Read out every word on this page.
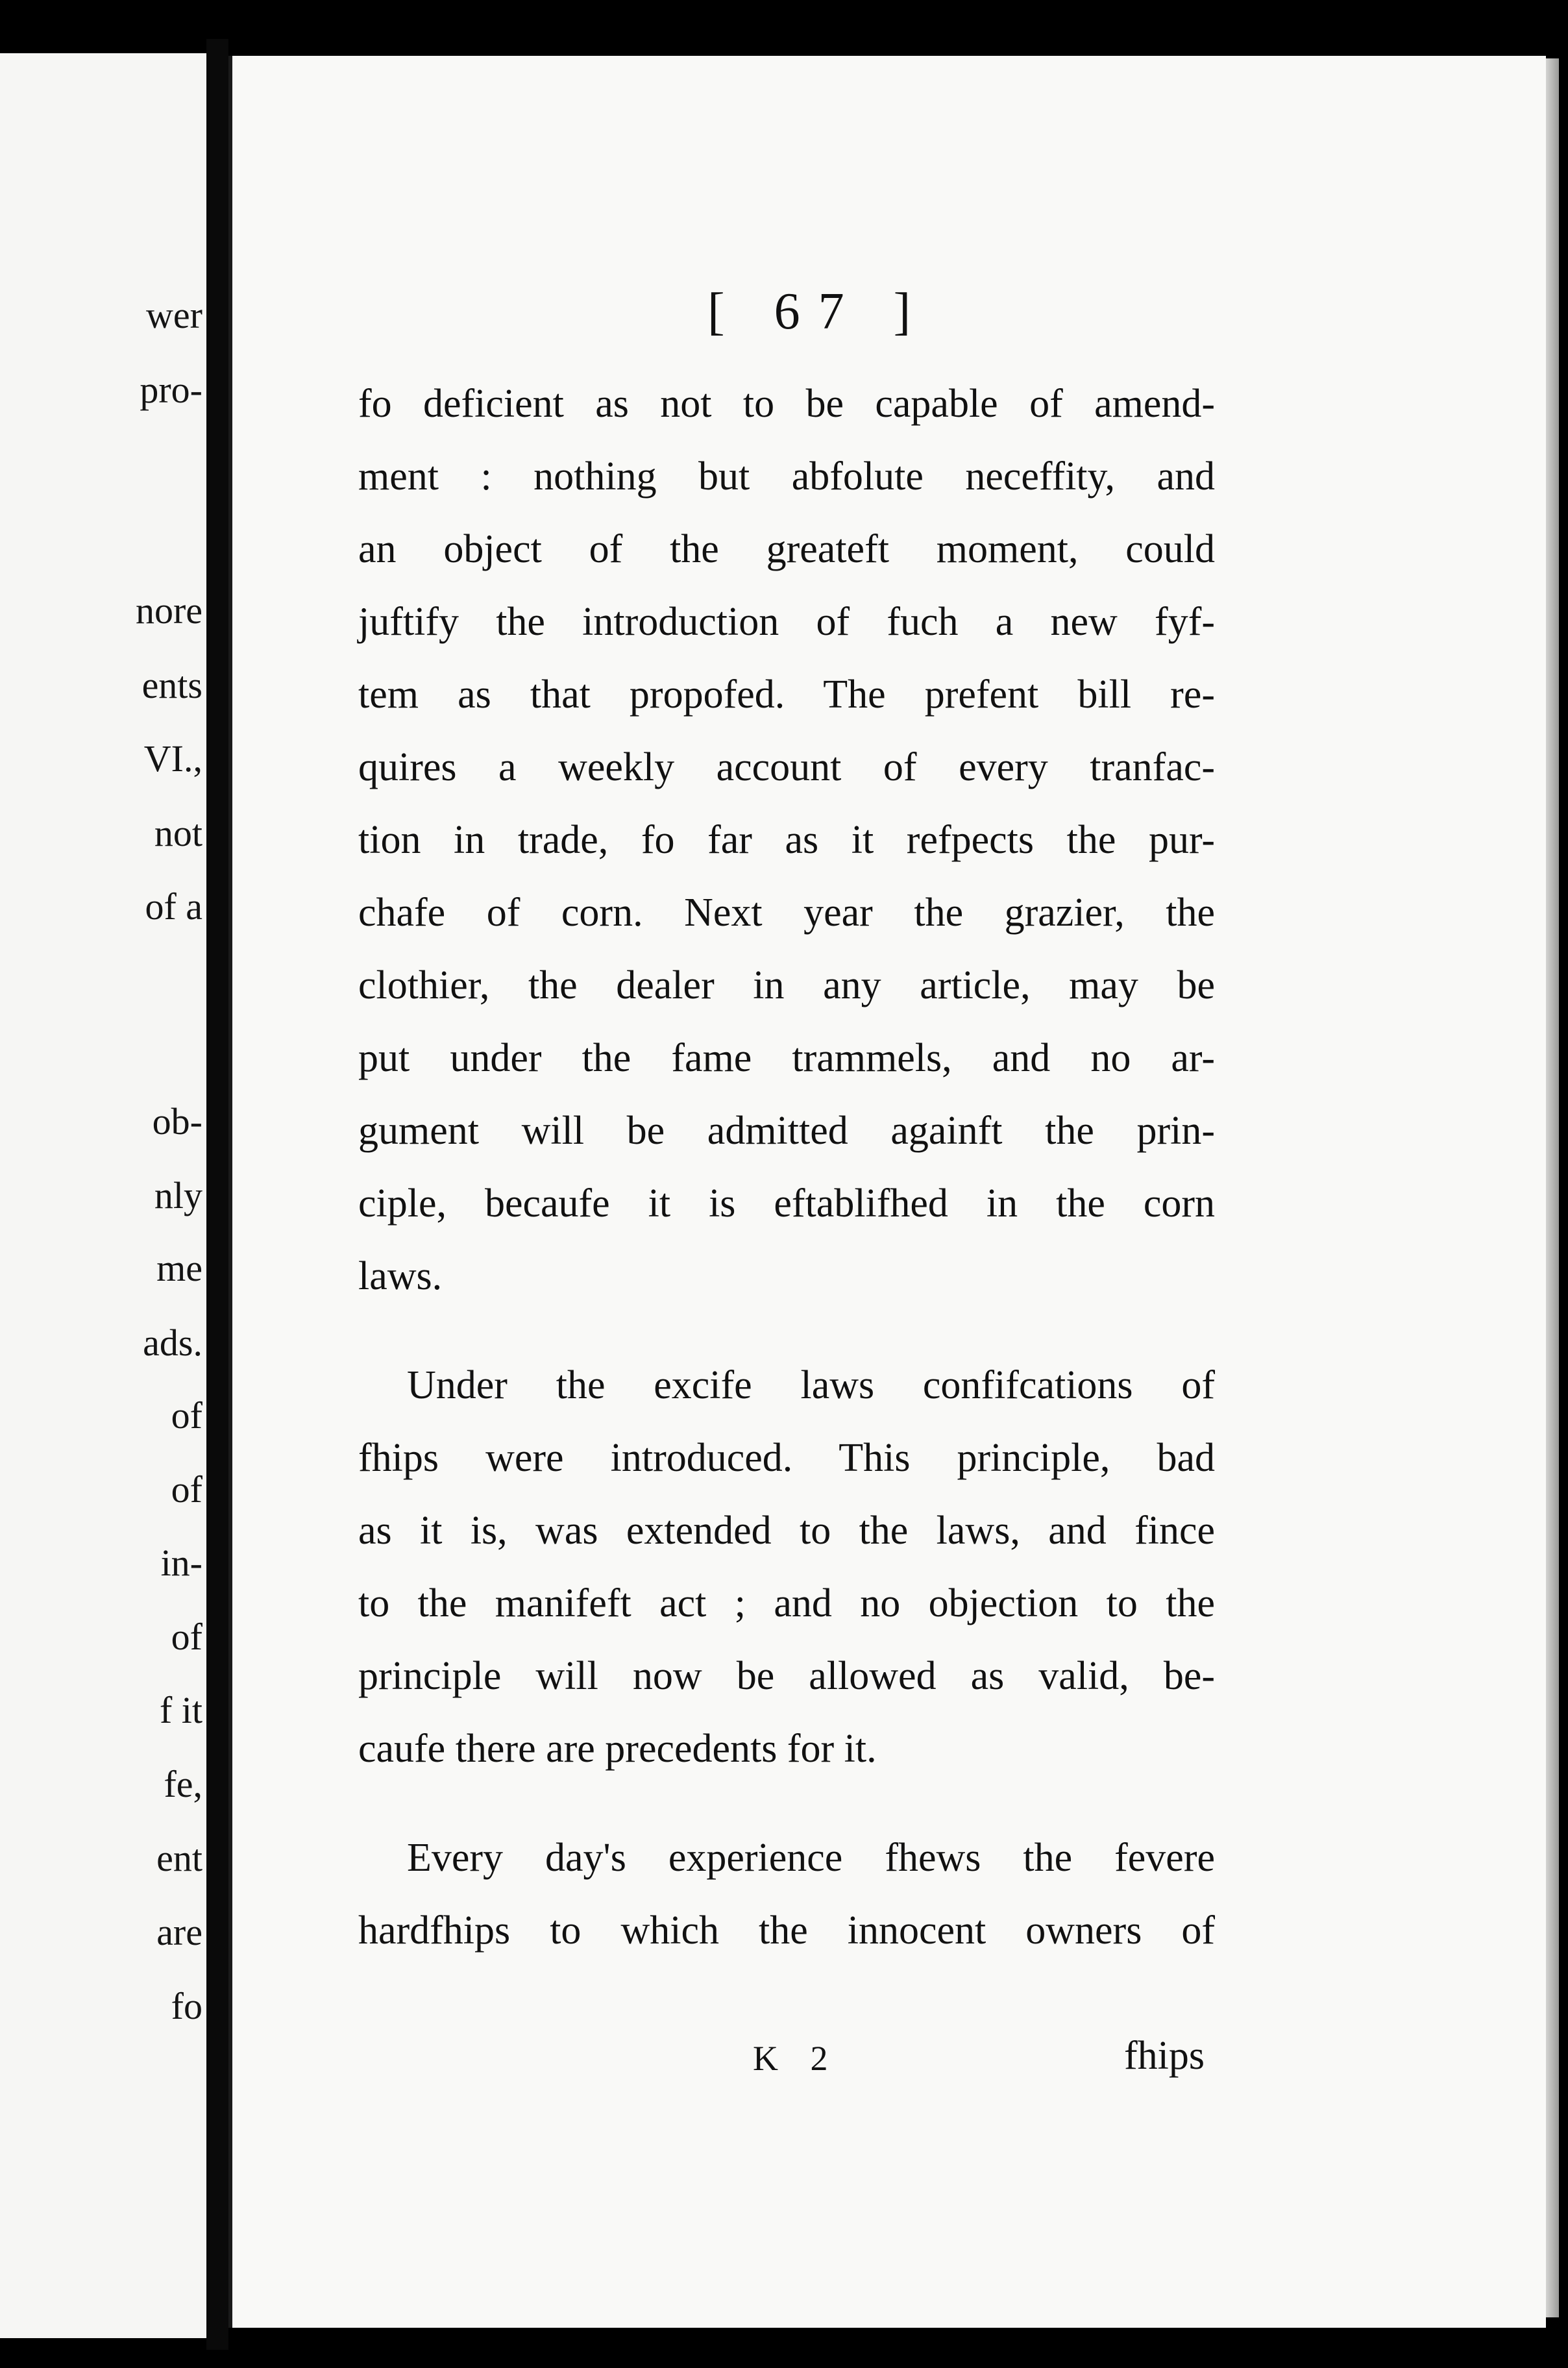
wer
pro-
nore
ents
VI.,
not
of a
ob-
nly
me
ads.
of
of
in-
of
f it
fe,
ent
are
fo
[ 67 ]
fo deficient as not to be capable of amend-
ment : nothing but abfolute neceffity, and
an object of the greateft moment, could
juftify the introduction of fuch a new fyf-
tem as that propofed. The prefent bill re-
quires a weekly account of every tranfac-
tion in trade, fo far as it refpects the pur-
chafe of corn. Next year the grazier, the
clothier, the dealer in any article, may be
put under the fame trammels, and no ar-
gument will be admitted againft the prin-
ciple, becaufe it is eftablifhed in the corn
laws.
Under the excife laws confifcations of
fhips were introduced. This principle, bad
as it is, was extended to the laws, and fince
to the manifeft act ; and no objection to the
principle will now be allowed as valid, be-
caufe there are precedents for it.
Every day's experience fhews the fevere
hardfhips to which the innocent owners of
K 2	fhips
